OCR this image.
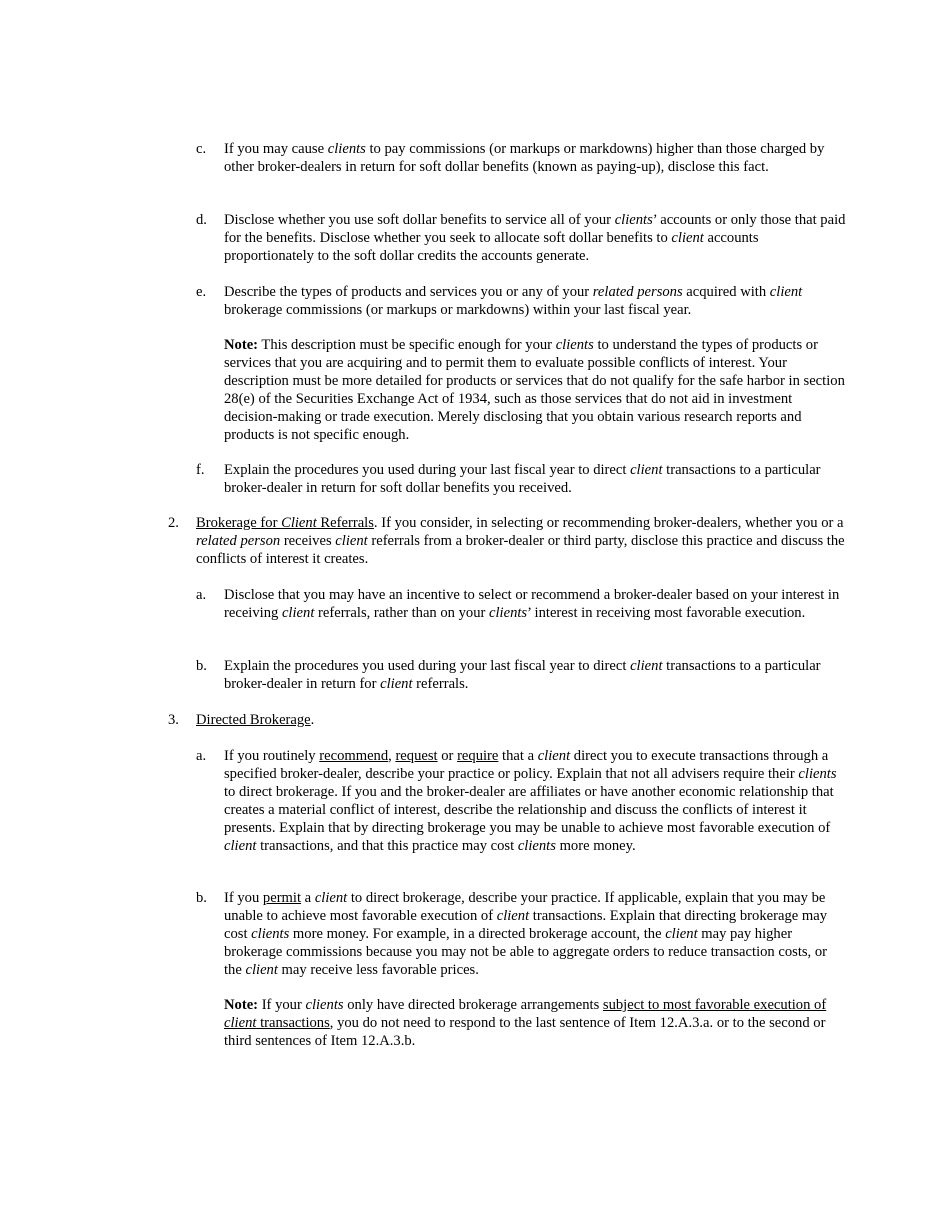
c. If you may cause clients to pay commissions (or markups or markdowns) higher than those charged by other broker-dealers in return for soft dollar benefits (known as paying-up), disclose this fact.
d. Disclose whether you use soft dollar benefits to service all of your clients’ accounts or only those that paid for the benefits. Disclose whether you seek to allocate soft dollar benefits to client accounts proportionately to the soft dollar credits the accounts generate.
e. Describe the types of products and services you or any of your related persons acquired with client brokerage commissions (or markups or markdowns) within your last fiscal year.
Note: This description must be specific enough for your clients to understand the types of products or services that you are acquiring and to permit them to evaluate possible conflicts of interest. Your description must be more detailed for products or services that do not qualify for the safe harbor in section 28(e) of the Securities Exchange Act of 1934, such as those services that do not aid in investment decision-making or trade execution. Merely disclosing that you obtain various research reports and products is not specific enough.
f. Explain the procedures you used during your last fiscal year to direct client transactions to a particular broker-dealer in return for soft dollar benefits you received.
2. Brokerage for Client Referrals. If you consider, in selecting or recommending broker-dealers, whether you or a related person receives client referrals from a broker-dealer or third party, disclose this practice and discuss the conflicts of interest it creates.
a. Disclose that you may have an incentive to select or recommend a broker-dealer based on your interest in receiving client referrals, rather than on your clients’ interest in receiving most favorable execution.
b. Explain the procedures you used during your last fiscal year to direct client transactions to a particular broker-dealer in return for client referrals.
3. Directed Brokerage.
a. If you routinely recommend, request or require that a client direct you to execute transactions through a specified broker-dealer, describe your practice or policy. Explain that not all advisers require their clients to direct brokerage. If you and the broker-dealer are affiliates or have another economic relationship that creates a material conflict of interest, describe the relationship and discuss the conflicts of interest it presents. Explain that by directing brokerage you may be unable to achieve most favorable execution of client transactions, and that this practice may cost clients more money.
b. If you permit a client to direct brokerage, describe your practice. If applicable, explain that you may be unable to achieve most favorable execution of client transactions. Explain that directing brokerage may cost clients more money. For example, in a directed brokerage account, the client may pay higher brokerage commissions because you may not be able to aggregate orders to reduce transaction costs, or the client may receive less favorable prices.
Note: If your clients only have directed brokerage arrangements subject to most favorable execution of client transactions, you do not need to respond to the last sentence of Item 12.A.3.a. or to the second or third sentences of Item 12.A.3.b.
